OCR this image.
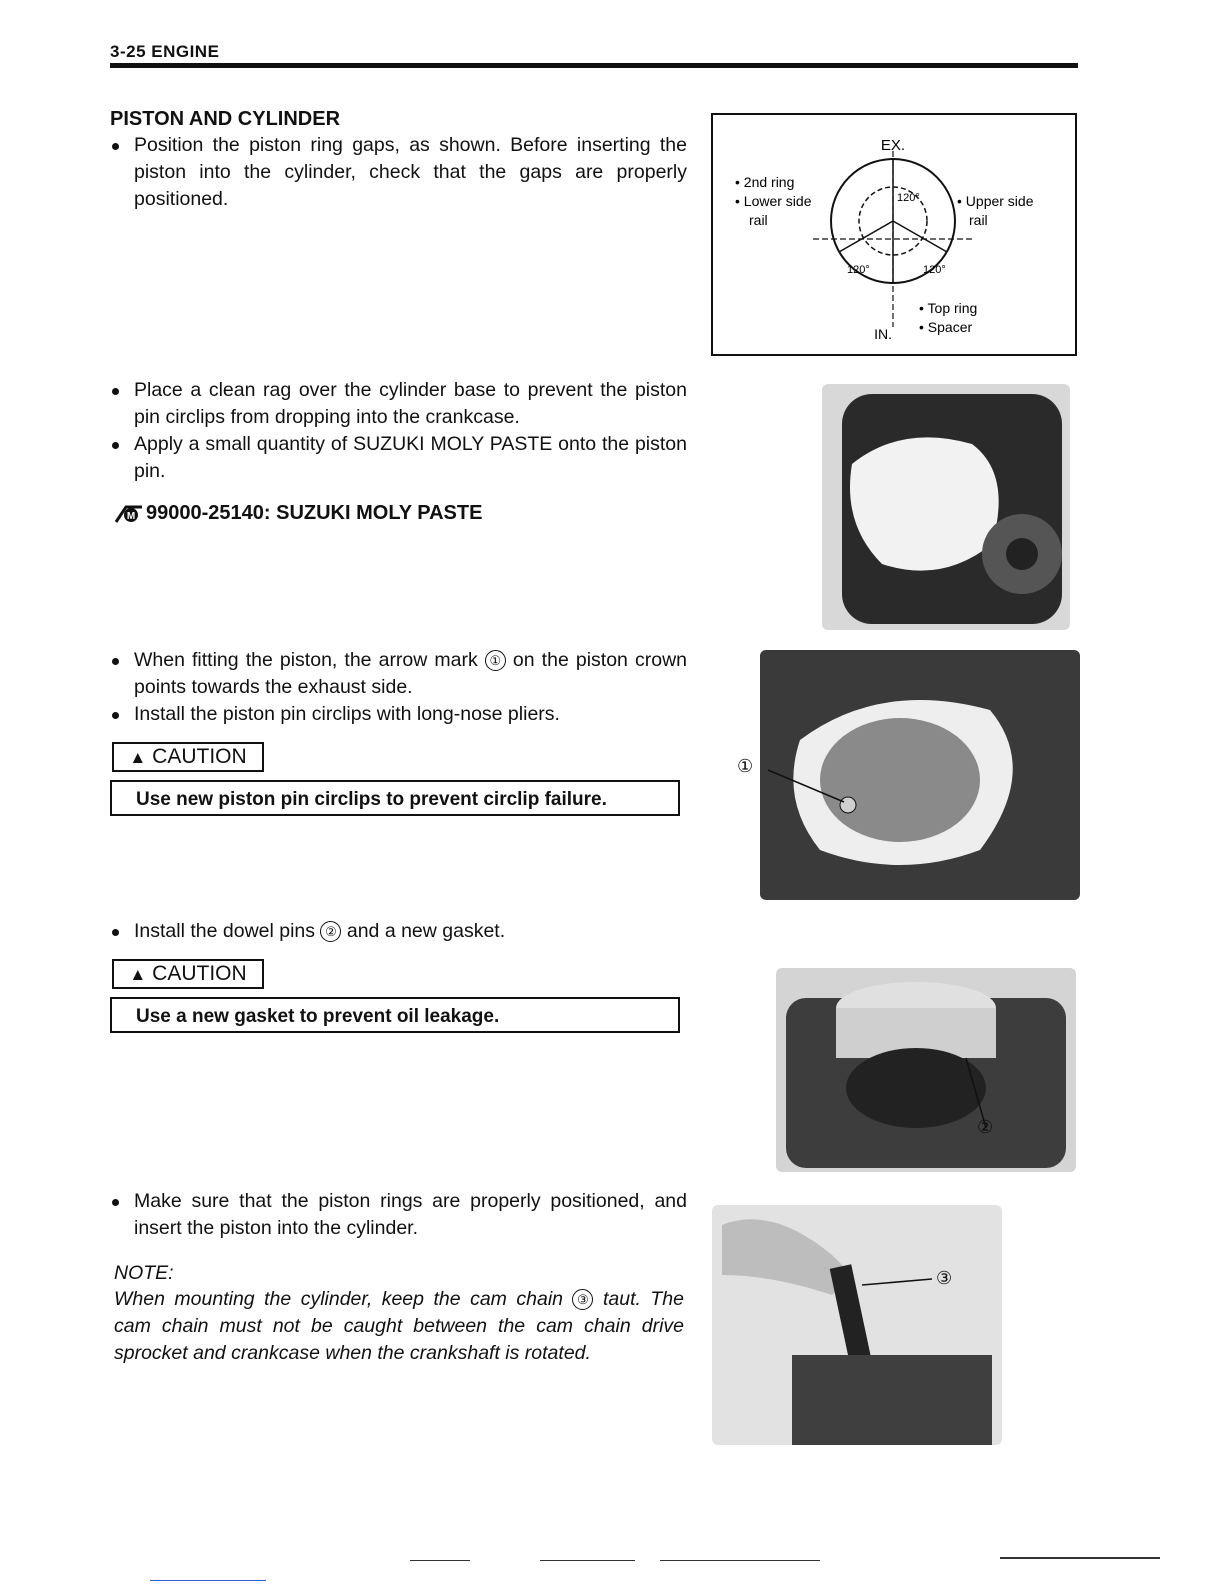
3-25 ENGINE
PISTON AND CYLINDER
Position the piston ring gaps, as shown. Before inserting the piston into the cylinder, check that the gaps are properly positioned.
EX.
IN.
• 2nd ring
• Lower side
rail
• Upper side
rail
• Top ring
• Spacer
120°
120°	120°
Place a clean rag over the cylinder base to prevent the piston pin circlips from dropping into the crankcase.
Apply a small quantity of SUZUKI MOLY PASTE onto the piston pin.
M 99000-25140: SUZUKI MOLY PASTE
When fitting the piston, the arrow mark ① on the piston crown points towards the exhaust side.
Install the piston pin circlips with long-nose pliers.
▲ CAUTION
Use new piston pin circlips to prevent circlip failure.
①
Install the dowel pins ② and a new gasket.
▲ CAUTION
Use a new gasket to prevent oil leakage.
②
Make sure that the piston rings are properly positioned, and insert the piston into the cylinder.
NOTE:
When mounting the cylinder, keep the cam chain ③ taut. The cam chain must not be caught between the cam chain drive sprocket and crankcase when the crankshaft is rotated.
③
